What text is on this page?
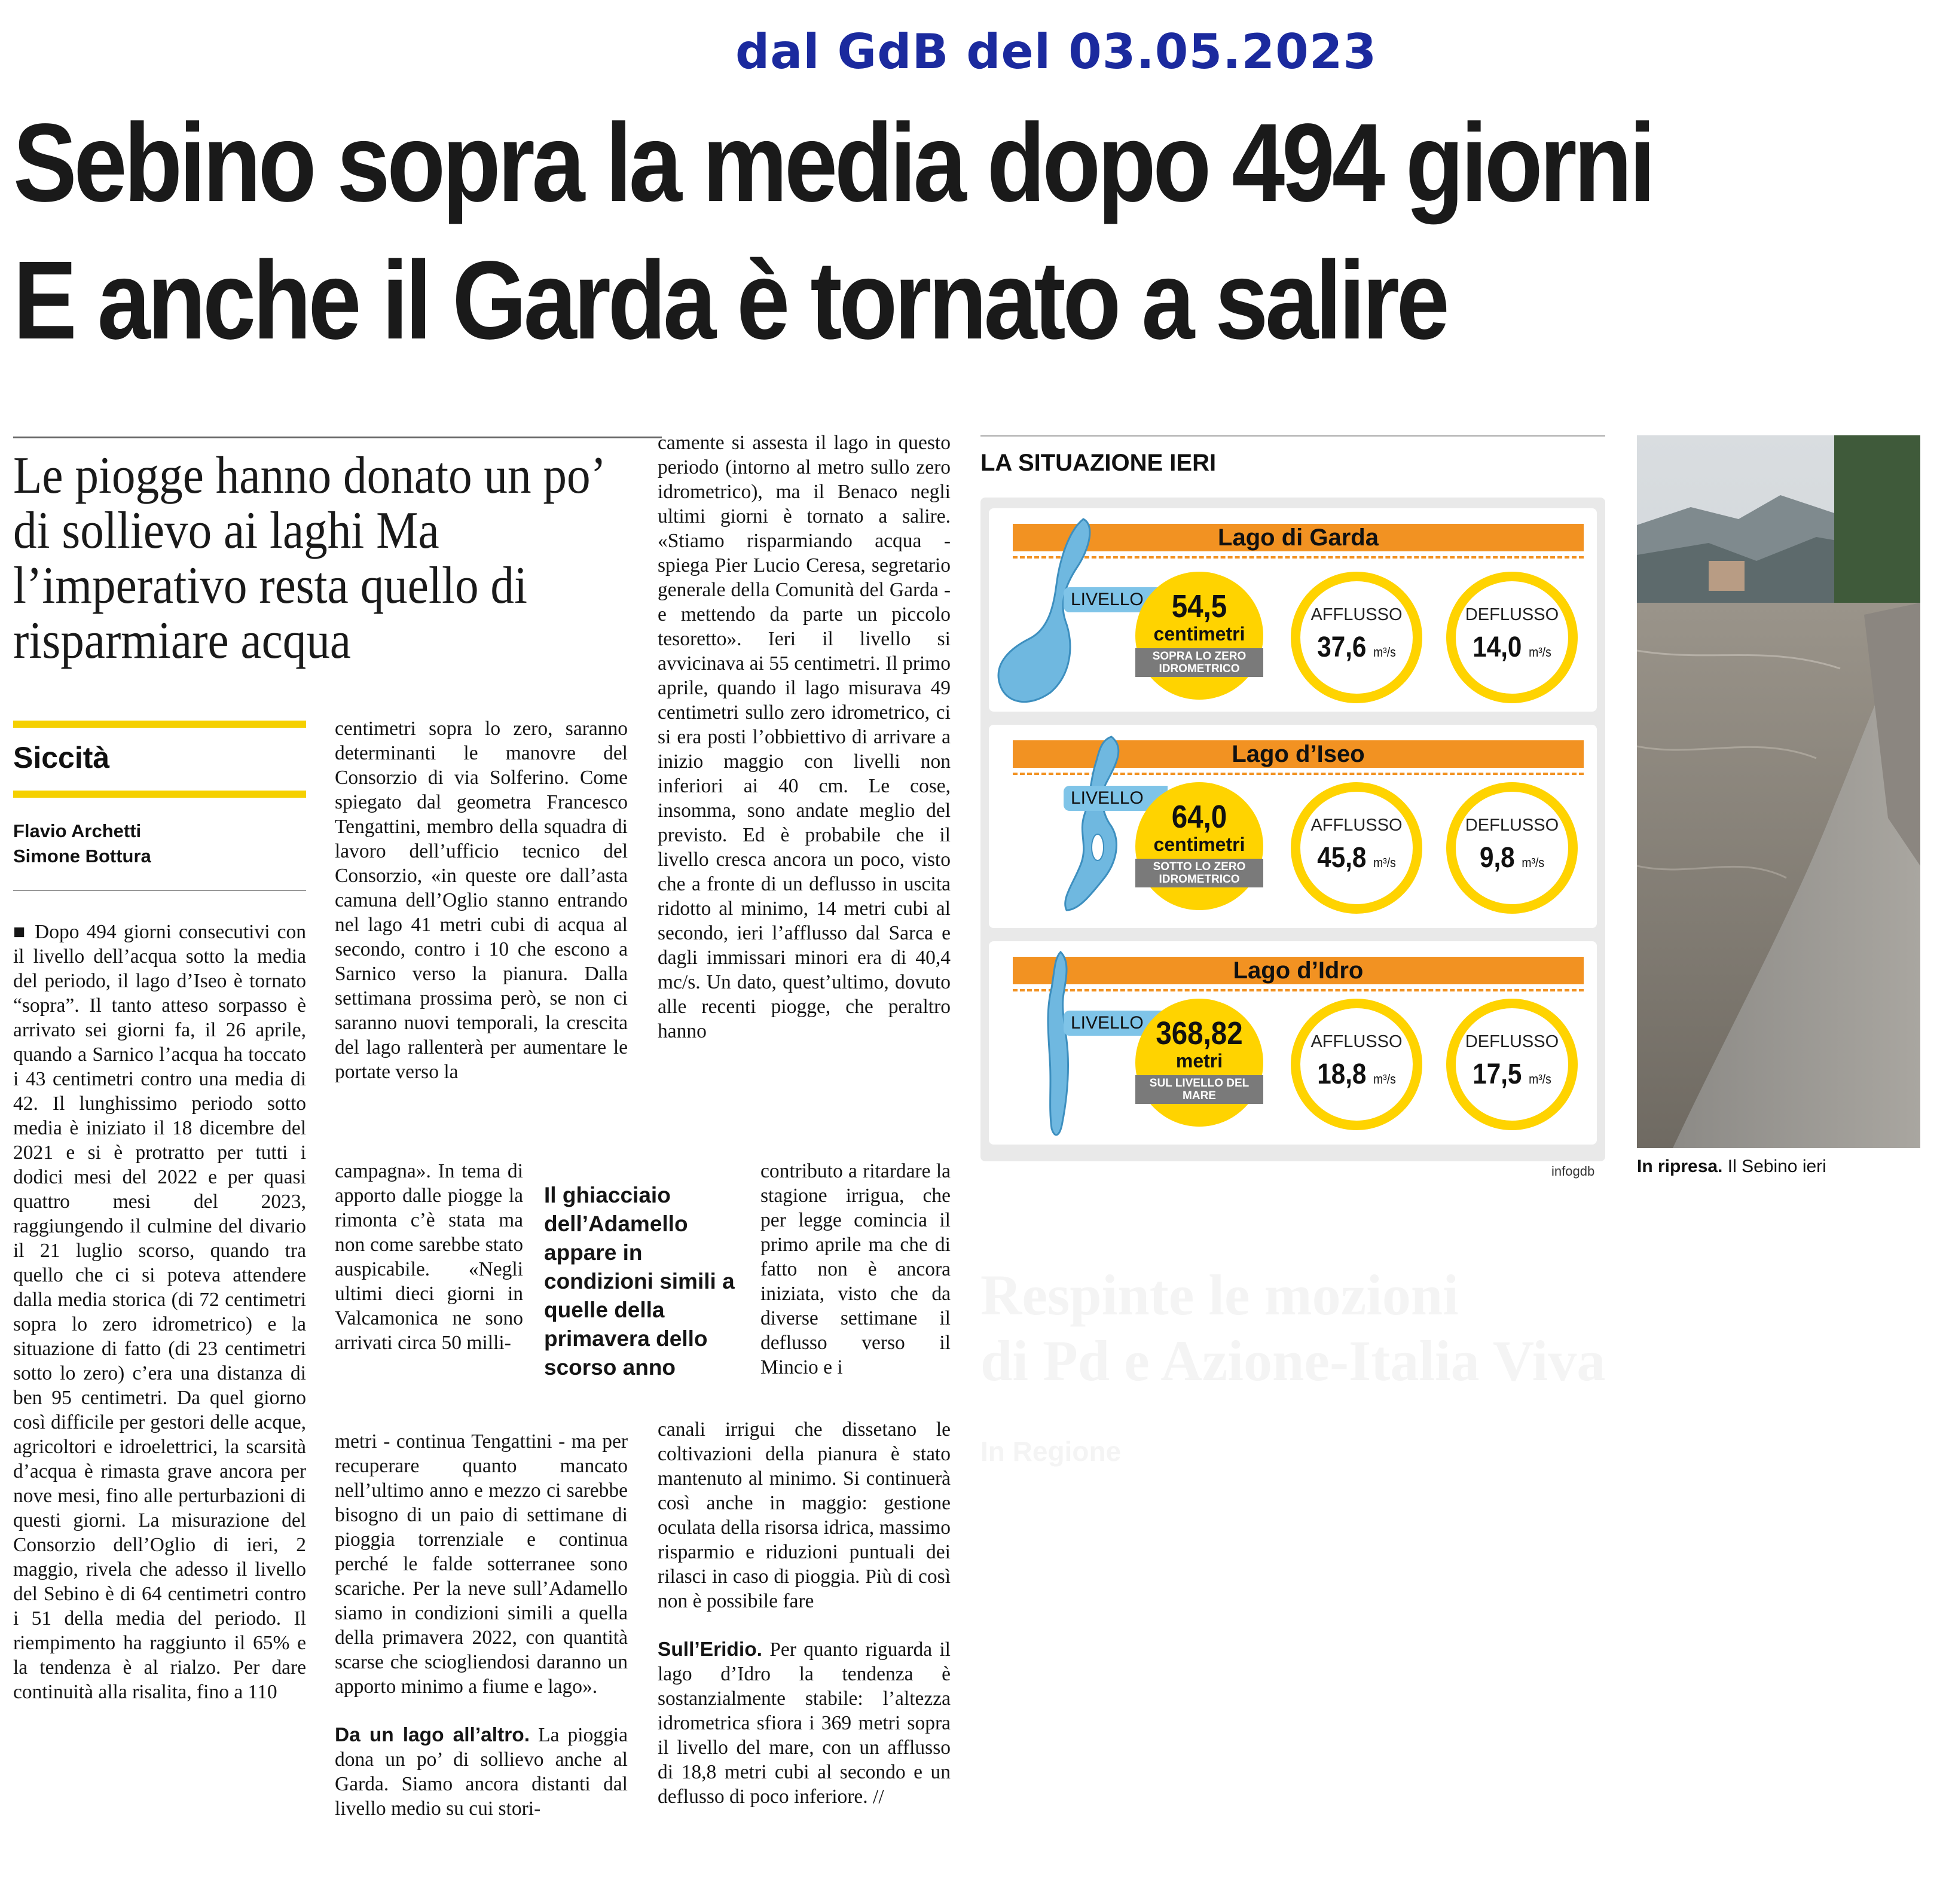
dal GdB del 03.05.2023
Sebino sopra la media dopo 494 giorni
E anche il Garda è tornato a salire
Le piogge hanno donato un po’ di sollievo ai laghi Ma l’imperativo resta quello di risparmiare acqua
Siccità
Flavio Archetti
Simone Bottura

■ Dopo 494 giorni consecutivi con il livello dell’acqua sotto la media del periodo, il lago d’Iseo è tornato “sopra”. Il tanto atteso sorpasso è arrivato sei giorni fa, il 26 aprile, quando a Sarnico l’acqua ha toccato i 43 centimetri contro una media di 42. Il lunghissimo periodo sotto media è iniziato il 18 dicembre del 2021 e si è protratto per tutti i dodici mesi del 2022 e per quasi quattro mesi del 2023, raggiungendo il culmine del divario il 21 luglio scorso, quando tra quello che ci si poteva attendere dalla media storica (di 72 centimetri sopra lo zero idrometrico) e la situazione di fatto (di 23 centimetri sotto lo zero) c’era una distanza di ben 95 centimetri. Da quel giorno così difficile per gestori delle acque, agricoltori e idroelettrici, la scarsità d’acqua è rimasta grave ancora per nove mesi, fino alle perturbazioni di questi giorni. La misurazione del Consorzio dell’Oglio di ieri, 2 maggio, rivela che adesso il livello del Sebino è di 64 centimetri contro i 51 della media del periodo. Il riempimento ha raggiunto il 65% e la tendenza è al rialzo. Per dare continuità alla risalita, fino a 110

centimetri sopra lo zero, saranno determinanti le manovre del Consorzio di via Solferino. Come spiegato dal geometra Francesco Tengattini, membro della squadra di lavoro dell’ufficio tecnico del Consorzio, «in queste ore dall’asta camuna dell’Oglio stanno entrando nel lago 41 metri cubi di acqua al secondo, contro i 10 che escono a Sarnico verso la pianura. Dalla settimana prossima però, se non ci saranno nuovi temporali, la crescita del lago rallenterà per aumentare le portate verso la

campagna». In tema di apporto dalle piogge la rimonta c’è stata ma non come sarebbe stato auspicabile. «Negli ultimi dieci giorni in Valcamonica ne sono arrivati circa 50 milli-

metri - continua Tengattini - ma per recuperare quanto mancato nell’ultimo anno e mezzo ci sarebbe bisogno di un paio di settimane di pioggia torrenziale e continua perché le falde sotterranee sono scariche. Per la neve sull’Adamello siamo in condizioni simili a quella della primavera 2022, con quantità scarse che sciogliendosi daranno un apporto minimo a fiume e lago».

Da un lago all’altro. La pioggia dona un po’ di sollievo anche al Garda. Siamo ancora distanti dal livello medio su cui stori-

Il ghiacciaio dell’Adamello appare in condizioni simili a quelle della primavera dello scorso anno

camente si assesta il lago in questo periodo (intorno al metro sullo zero idrometrico), ma il Benaco negli ultimi giorni è tornato a salire. «Stiamo risparmiando acqua - spiega Pier Lucio Ceresa, segretario generale della Comunità del Garda - e mettendo da parte un piccolo tesoretto». Ieri il livello si avvicinava ai 55 centimetri. Il primo aprile, quando il lago misurava 49 centimetri sullo zero idrometrico, ci si era posti l’obbiettivo di arrivare a inizio maggio con livelli non inferiori ai 40 cm. Le cose, insomma, sono andate meglio del previsto. Ed è probabile che il livello cresca ancora un poco, visto che a fronte di un deflusso in uscita ridotto al minimo, 14 metri cubi al secondo, ieri l’afflusso dal Sarca e dagli immissari minori era di 40,4 mc/s. Un dato, quest’ultimo, dovuto alle recenti piogge, che peraltro hanno

contributo a ritardare la stagione irrigua, che per legge comincia il primo aprile ma che di fatto non è ancora iniziata, visto che da diverse settimane il deflusso verso il Mincio e i

canali irrigui che dissetano le coltivazioni della pianura è stato mantenuto al minimo. Si continuerà così anche in maggio: gestione oculata della risorsa idrica, massimo risparmio e riduzioni puntuali dei rilasci in caso di pioggia. Più di così non è possibile fare

Sull’Eridio. Per quanto riguarda il lago d’Idro la tendenza è sostanzialmente stabile: l’altezza idrometrica sfiora i 369 metri sopra il livello del mare, con un afflusso di 18,8 metri cubi al secondo e un deflusso di poco inferiore. //

LA SITUAZIONE IERI
Lago di Garda
LIVELLO 54,5
centimetri
SOPRA LO ZERO IDROMETRICO
AFFLUSSO
37,6 m³/s
DEFLUSSO
14,0 m³/s
Lago d’Iseo
LIVELLO
64,0
centimetri
SOTTO LO ZERO IDROMETRICO
AFFLUSSO
45,8 m³/s
DEFLUSSO
9,8 m³/s
Lago d’Idro
LIVELLO 368,82
metri
SUL LIVELLO DEL MARE
AFFLUSSO
18,8 m³/s
DEFLUSSO
17,5 m³/s
infogdb In ripresa. Il Sebino ieri
Respinte le mozioni
di Pd e Azione-Italia Viva
In Regione
